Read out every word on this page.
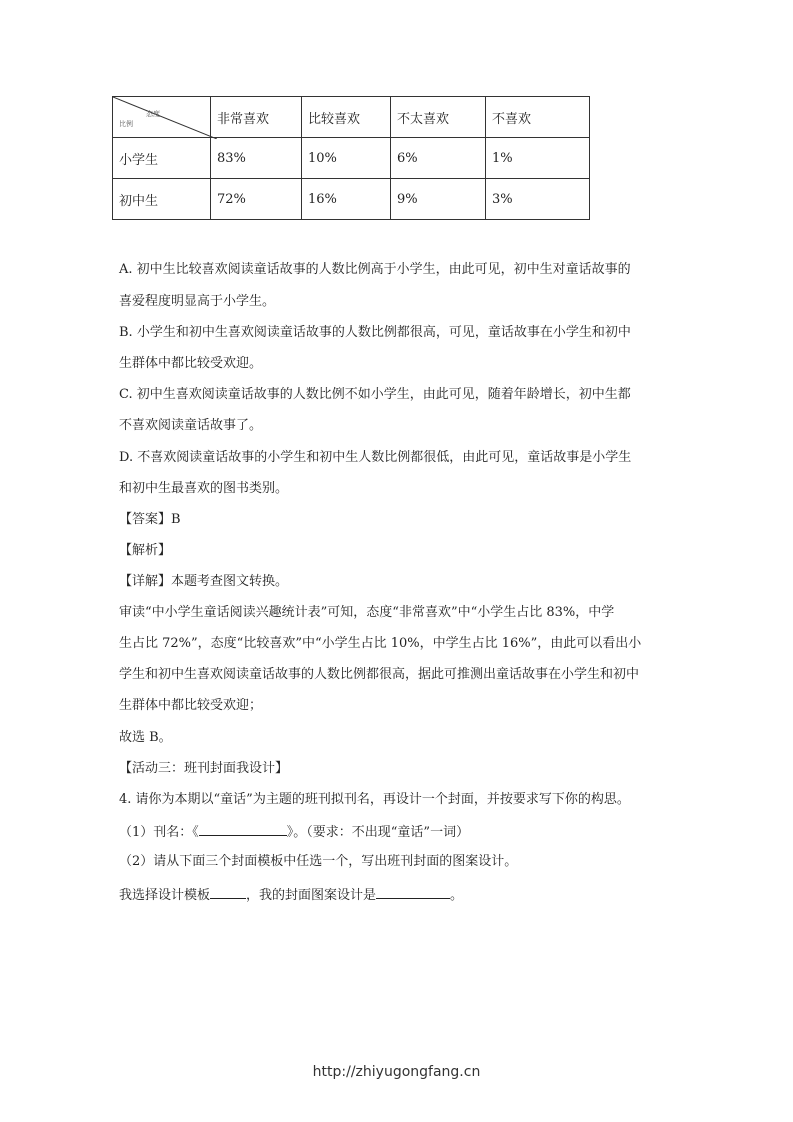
态度
比例	非常喜欢	比较喜欢	不太喜欢	不喜欢
小学生	83%	10%	6%	1%
初中生	72%	16%	9%	3%
A. 初中生比较喜欢阅读童话故事的人数比例高于小学生，由此可见，初中生对童话故事的
喜爱程度明显高于小学生。
B. 小学生和初中生喜欢阅读童话故事的人数比例都很高，可见，童话故事在小学生和初中
生群体中都比较受欢迎。
C. 初中生喜欢阅读童话故事的人数比例不如小学生，由此可见，随着年龄增长，初中生都
不喜欢阅读童话故事了。
D. 不喜欢阅读童话故事的小学生和初中生人数比例都很低，由此可见，童话故事是小学生
和初中生最喜欢的图书类别。
【答案】B
【解析】
【详解】本题考查图文转换。
审读“中小学生童话阅读兴趣统计表”可知，态度“非常喜欢”中“小学生占比 83%，中学
生占比 72%”，态度“比较喜欢”中“小学生占比 10%，中学生占比 16%”，由此可以看出小
学生和初中生喜欢阅读童话故事的人数比例都很高，据此可推测出童话故事在小学生和初中
生群体中都比较受欢迎；
故选 B。
【活动三：班刊封面我设计】
4. 请你为本期以“童话”为主题的班刊拟刊名，再设计一个封面，并按要求写下你的构思。
（1）刊名：《	》。（要求：不出现“童话”一词）
（2）请从下面三个封面模板中任选一个，写出班刊封面的图案设计。
我选择设计模板	，我的封面图案设计是	。
http://zhiyugongfang.cn
